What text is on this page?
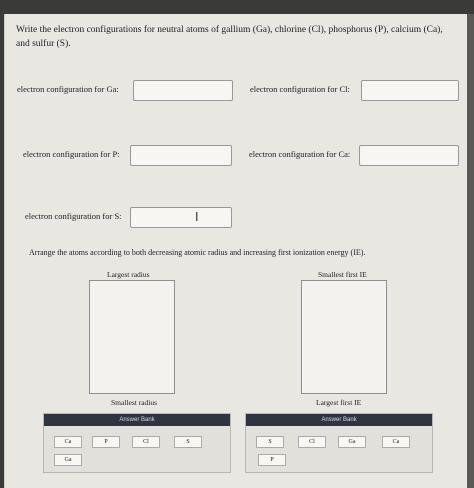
Write the electron configurations for neutral atoms of gallium (Ga), chlorine (Cl), phosphorus (P), calcium (Ca), and sulfur (S).
electron configuration for Ga:	electron configuration for Cl:
electron configuration for P:	electron configuration for Ca:
electron configuration for S:	I
Arrange the atoms according to both decreasing atomic radius and increasing first ionization energy (IE).
Largest radius
Smallest radius
Smallest first IE
Largest first IE
Answer Bank
Ca	P	Cl	S
Ga
Answer Bank
S	Cl	Ga	Ca
P
